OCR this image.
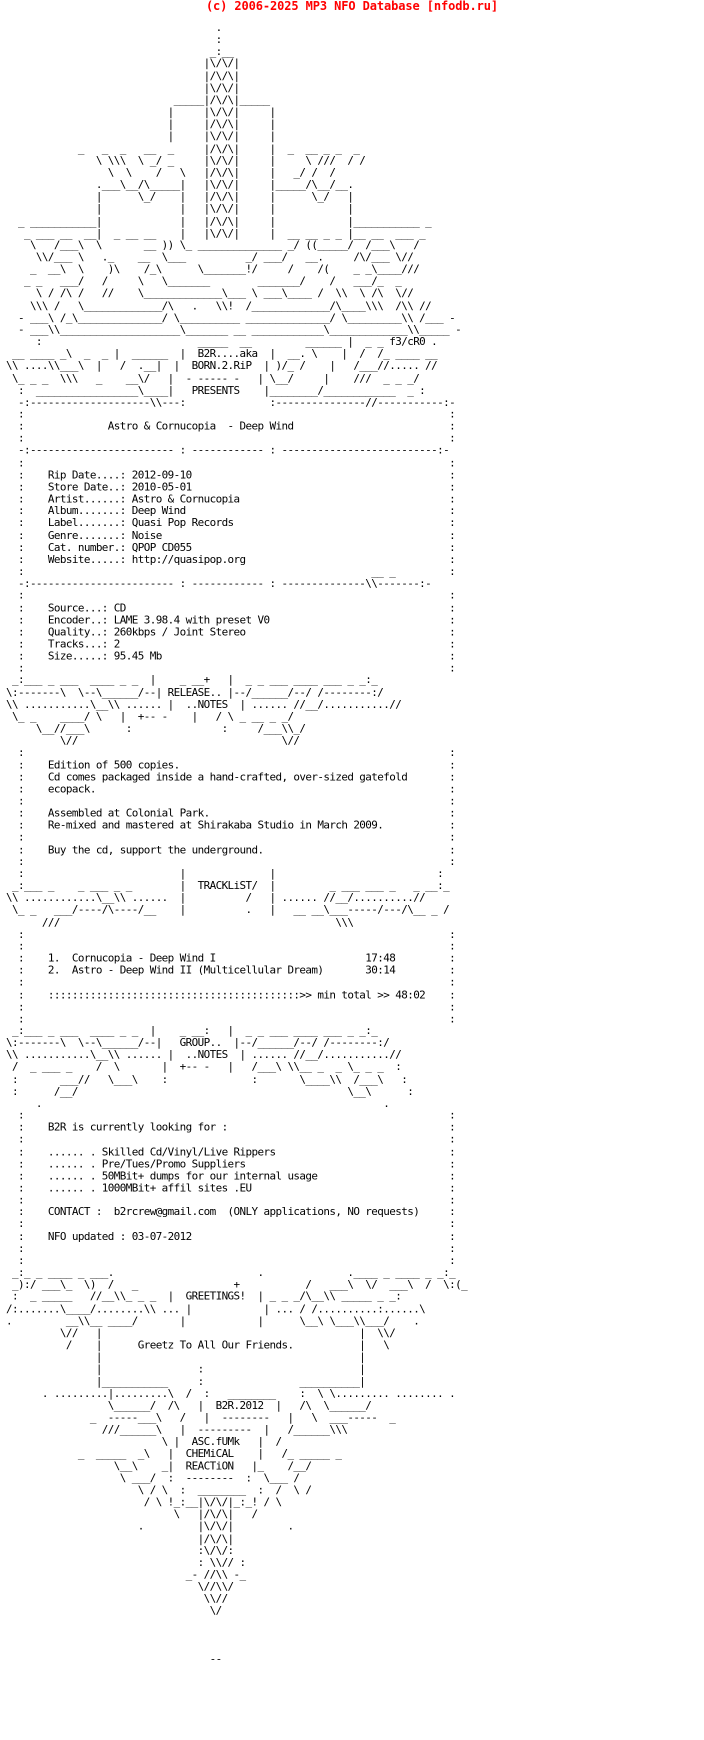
(c) 2006-2025 MP3 NFO Database [nfodb.ru]
.
:
_:__
|\/\/|
|/\/\|
|\/\/|
_____|/\/\|_____
|     |\/\/|     |
|     |/\/\|     |
|     |\/\/|     |
_   _  _   __  _     |/\/\|     |  _  __ _ _  _
\ \\\  \ _/ _     |\/\/|     |     \ ///  / /
\  \    /   \   |/\/\|     |   _/ /  /
.___\__/\_____|   |\/\/|     |_____/\__/__.
|      \_/    |   |/\/\|     |      \_/   |
|             |   |\/\/|     |            |
_ ___________|             |   |/\/\|     |            |___________ _
_ ___ __  __|  _ __ __    |   |\/\/|     |  __ __ _ _ |__ __  ___ _
\   /___\  \       __ )) \_ ______________ _/ ((_____/  /___\   /
\\/___ \   ._    __  \___          _/ ___/   __.     /\/___ \//
_  __\  \    )\    /_\      \_______!/     /    /(    _ _\____///
_ _   ___/   /     \   \_______        _______/    /   ___/_  _
\ / /\ /   //    \_____________\___ \ ___\____ /  \\  \ /\  \//
\\\ /   \_____________/\   .   \\!  /_____________/\____\\\  /\\ //
- ___\ /_\______________/ \__________ ______________/ \_________\\ /___ -
- ___\\____________________\_______ __ ____________\_____________\\_____ -
:                          _____  __         ______ |  _ _ f3/cR0 .
__ ____ _\  _  _ |  ______  |  B2R....aka  |  __. \    |  /  /_ ____ __
\\ ....\\___\  |   /  .__|  |  BORN.2.RiP  | )/_ /    |   /___//..... //
\_ _ _  \\\   _    __\/   |  - ----- -   | \__/     |    ///  _ _ _/
:  _________________\____|   PRESENTS    |________/____________  _ :
-:--------------------\\---:              :---------------//-----------:-
:                                                                       :
:              Astro & Cornucopia  - Deep Wind                          :
:                                                                       :
-:------------------------ : ------------ : --------------------------:-
:                                                                       :
:    Rip Date....: 2012-09-10                                           :
:    Store Date..: 2010-05-01                                           :
:    Artist......: Astro & Cornucopia                                   :
:    Album.......: Deep Wind                                            :
:    Label.......: Quasi Pop Records                                    :
:    Genre.......: Noise                                                :
:    Cat. number.: QPOP CD055                                           :
:    Website.....: http://quasipop.org                                  :
:                                                          __ _         :
-:------------------------ : ------------ : --------------\\-------:-
:                                                                       :
:    Source...: CD                                                      :
:    Encoder..: LAME 3.98.4 with preset V0                              :
:    Quality..: 260kbps / Joint Stereo                                  :
:    Tracks...: 2                                                       :
:    Size.....: 95.45 Mb                                                :
:                                                                       :
_:___ _ ___  ____ _ _  |    _ __+   |  _ _ ___ ____ ___ _ _:_
\:-------\  \--\______/--| RELEASE.. |--/______/--/ /--------:/
\\ ...........\__\\ ...... |  ..NOTES  | ...... //__/...........//
\_ _    ____/ \   |  +-- -    |   / \ _ __ _ _/
\__//___\      :               :     /___\\_/
\//                                  \//
:                                                                       :
:    Edition of 500 copies.                                             :
:    Cd comes packaged inside a hand-crafted, over-sized gatefold       :
:    ecopack.                                                           :
:                                                                       :
:    Assembled at Colonial Park.                                        :
:    Re-mixed and mastered at Shirakaba Studio in March 2009.           :
:                                                                       :
:    Buy the cd, support the underground.                               :
:                                                                       :
:                          |              |                           :
_:___ _    _ ___ _ _        |  TRACKLiST/  |         _ ___ ___ _   _ __:_
\\ ............\__\\ ......  |          /   | ...... //__/..........//
\_ _   ___/----/\----/__    |          .   |   __ __\___-----/---/\__ _ /
///                                              \\\
:                                                                       :
:                                                                       :
:    1.  Cornucopia - Deep Wind I                         17:48         :
:    2.  Astro - Deep Wind II (Multicellular Dream)       30:14         :
:                                                                       :
:    ::::::::::::::::::::::::::::::::::::::::::>> min total >> 48:02    :
:                                                                       :
:                                                                       :
_:___ _ ___  ____ _ _  |    _ __:   |  _ _ ___ ____ ___ _ _:_
\:-------\  \--\______/--|   GROUP..  |--/______/--/ /--------:/
\\ ...........\__\\ ...... |  ..NOTES  | ...... //__/...........//
/  _ ___ _    /  \       |  +-- -   |   /___\ \\__ _  _ \_ _ _  :
:       ___//   \___\    :              :       \____\\  /___\   :
:      /__/                                             \__\      :
.                                                         .
:                                                                       :
:    B2R is currently looking for :                                     :
:                                                                       :
:    ...... . Skilled Cd/Vinyl/Live Rippers                             :
:    ...... . Pre/Tues/Promo Suppliers                                  :
:    ...... . 50MBit+ dumps for our internal usage                      :
:    ...... . 1000MBit+ affil sites .EU                                 :
:                                                                       :
:    CONTACT :  b2rcrew@gmail.com  (ONLY applications, NO requests)     :
:                                                                       :
:    NFO updated : 03-07-2012                                           :
:                                                                       :
:                                                                       :
_:_ _ ____ _ ___.                        .              .____ _ ____ _ _:_
_):/ ___\_  \)  /   _                +           /   ___\  \/  ___\  /  \:(_
:  _ _____   //__\\_ _ _  |  GREETINGS!  | _ _ _/\__\\ _____ _ _:
/:.......\____/........\\ ... |            | ... / /..........:......\
.         __\\__ ____/       |            |      \__\ \___\\___/    .
\//   |                                           |  \\/
/    |      Greetz To All Our Friends.           |   \
|                                           |
|                :                          |
|___________     :                __________|
. .........|.........\  /  :   ________    :  \ \......... ........ .
\______/  /\   |  B2R.2012  |   /\  \______/
_  -----___\   /   |  --------   |   \  ___-----  _
///______\   |  ---------  |   /______\\\
\ |  ASC.fUMk   |  /
_  _____  _\   |  CHEMiCAL    |   /_ _____ _
\__\    _|  REACTiON   |_    /__/
\ ___/  :  --------  :  \___ /
\ / \  :  ________  :  /  \ /
/ \ !_:__|\/\/|_:_! / \
\   |/\/\|   /
.         |\/\/|         .
|/\/\|
:\/\/:
: \\// :
_- //\\ -_
\//\\/
\\//
\/

--
